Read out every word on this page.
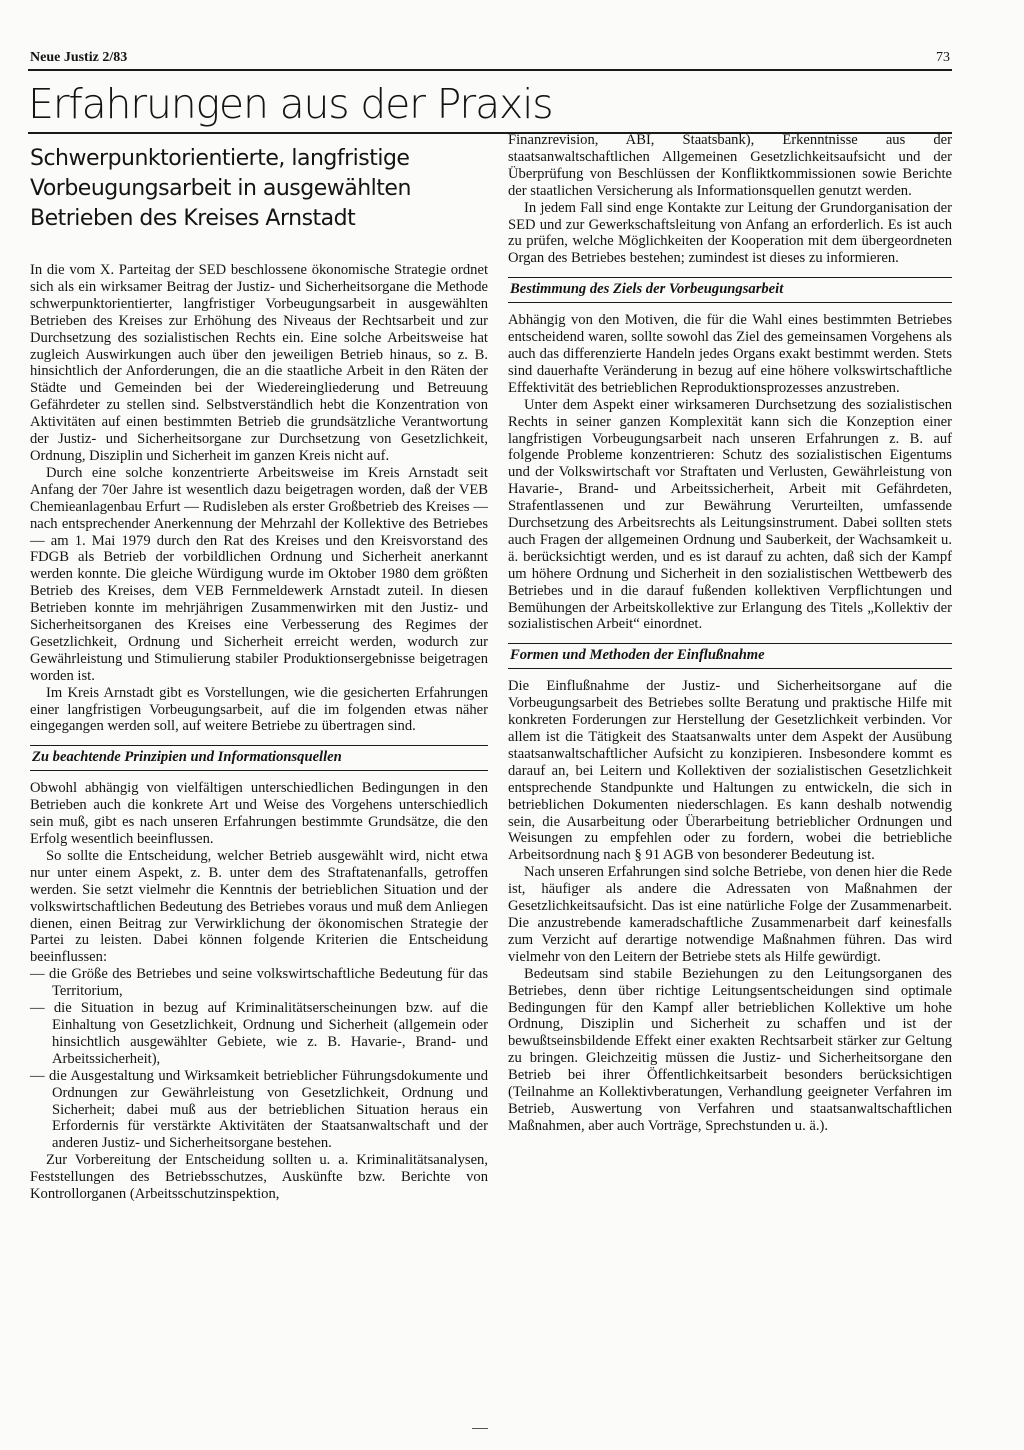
Neue Justiz 2/83	73
Erfahrungen aus der Praxis
Schwerpunktorientierte, langfristige Vorbeugungsarbeit in ausgewählten Betrieben des Kreises Arnstadt

In die vom X. Parteitag der SED beschlossene ökonomische Strategie ordnet sich als ein wirksamer Beitrag der Justiz- und Sicherheitsorgane die Methode schwerpunktorientierter, langfristiger Vorbeugungsarbeit in ausgewählten Betrieben des Kreises zur Erhöhung des Niveaus der Rechtsarbeit und zur Durchsetzung des sozialistischen Rechts ein. Eine solche Arbeitsweise hat zugleich Auswirkungen auch über den jeweiligen Betrieb hinaus, so z. B. hinsichtlich der Anforderungen, die an die staatliche Arbeit in den Räten der Städte und Gemeinden bei der Wiedereingliederung und Betreuung Gefährdeter zu stellen sind. Selbstverständlich hebt die Konzentration von Aktivitäten auf einen bestimmten Betrieb die grundsätzliche Verantwortung der Justiz- und Sicherheitsorgane zur Durchsetzung von Gesetzlichkeit, Ordnung, Disziplin und Sicherheit im ganzen Kreis nicht auf.

Durch eine solche konzentrierte Arbeitsweise im Kreis Arnstadt seit Anfang der 70er Jahre ist wesentlich dazu beigetragen worden, daß der VEB Chemieanlagenbau Erfurt — Rudisleben als erster Großbetrieb des Kreises — nach entsprechender Anerkennung der Mehrzahl der Kollektive des Betriebes — am 1. Mai 1979 durch den Rat des Kreises und den Kreisvorstand des FDGB als Betrieb der vorbildlichen Ordnung und Sicherheit anerkannt werden konnte. Die gleiche Würdigung wurde im Oktober 1980 dem größten Betrieb des Kreises, dem VEB Fernmeldewerk Arnstadt zuteil. In diesen Betrieben konnte im mehrjährigen Zusammenwirken mit den Justiz- und Sicherheitsorganen des Kreises eine Verbesserung des Regimes der Gesetzlichkeit, Ordnung und Sicherheit erreicht werden, wodurch zur Gewährleistung und Stimulierung stabiler Produktionsergebnisse beigetragen worden ist.

Im Kreis Arnstadt gibt es Vorstellungen, wie die gesicherten Erfahrungen einer langfristigen Vorbeugungsarbeit, auf die im folgenden etwas näher eingegangen werden soll, auf weitere Betriebe zu übertragen sind.

Zu beachtende Prinzipien und Informationsquellen

Obwohl abhängig von vielfältigen unterschiedlichen Bedingungen in den Betrieben auch die konkrete Art und Weise des Vorgehens unterschiedlich sein muß, gibt es nach unseren Erfahrungen bestimmte Grundsätze, die den Erfolg wesentlich beeinflussen.

So sollte die Entscheidung, welcher Betrieb ausgewählt wird, nicht etwa nur unter einem Aspekt, z. B. unter dem des Straftatenanfalls, getroffen werden. Sie setzt vielmehr die Kenntnis der betrieblichen Situation und der volkswirtschaftlichen Bedeutung des Betriebes voraus und muß dem Anliegen dienen, einen Beitrag zur Verwirklichung der ökonomischen Strategie der Partei zu leisten. Dabei können folgende Kriterien die Entscheidung beeinflussen:

— die Größe des Betriebes und seine volkswirtschaftliche Bedeutung für das Territorium,

— die Situation in bezug auf Kriminalitätserscheinungen bzw. auf die Einhaltung von Gesetzlichkeit, Ordnung und Sicherheit (allgemein oder hinsichtlich ausgewählter Gebiete, wie z. B. Havarie-, Brand- und Arbeitssicherheit),

— die Ausgestaltung und Wirksamkeit betrieblicher Führungsdokumente und Ordnungen zur Gewährleistung von Gesetzlichkeit, Ordnung und Sicherheit; dabei muß aus der betrieblichen Situation heraus ein Erfordernis für verstärkte Aktivitäten der Staatsanwaltschaft und der anderen Justiz- und Sicherheitsorgane bestehen.

Zur Vorbereitung der Entscheidung sollten u. a. Kriminalitätsanalysen, Feststellungen des Betriebsschutzes, Auskünfte bzw. Berichte von Kontrollorganen (Arbeitsschutzinspektion,

Finanzrevision, ABI, Staatsbank), Erkenntnisse aus der staatsanwaltschaftlichen Allgemeinen Gesetzlichkeitsaufsicht und der Überprüfung von Beschlüssen der Konfliktkommissionen sowie Berichte der staatlichen Versicherung als Informationsquellen genutzt werden.

In jedem Fall sind enge Kontakte zur Leitung der Grundorganisation der SED und zur Gewerkschaftsleitung von Anfang an erforderlich. Es ist auch zu prüfen, welche Möglichkeiten der Kooperation mit dem übergeordneten Organ des Betriebes bestehen; zumindest ist dieses zu informieren.

Bestimmung des Ziels der Vorbeugungsarbeit

Abhängig von den Motiven, die für die Wahl eines bestimmten Betriebes entscheidend waren, sollte sowohl das Ziel des gemeinsamen Vorgehens als auch das differenzierte Handeln jedes Organs exakt bestimmt werden. Stets sind dauerhafte Veränderung in bezug auf eine höhere volkswirtschaftliche Effektivität des betrieblichen Reproduktionsprozesses anzustreben.

Unter dem Aspekt einer wirksameren Durchsetzung des sozialistischen Rechts in seiner ganzen Komplexität kann sich die Konzeption einer langfristigen Vorbeugungsarbeit nach unseren Erfahrungen z. B. auf folgende Probleme konzentrieren: Schutz des sozialistischen Eigentums und der Volkswirtschaft vor Straftaten und Verlusten, Gewährleistung von Havarie-, Brand- und Arbeitssicherheit, Arbeit mit Gefährdeten, Strafentlassenen und zur Bewährung Verurteilten, umfassende Durchsetzung des Arbeitsrechts als Leitungsinstrument. Dabei sollten stets auch Fragen der allgemeinen Ordnung und Sauberkeit, der Wachsamkeit u. ä. berücksichtigt werden, und es ist darauf zu achten, daß sich der Kampf um höhere Ordnung und Sicherheit in den sozialistischen Wettbewerb des Betriebes und in die darauf fußenden kollektiven Verpflichtungen und Bemühungen der Arbeitskollektive zur Erlangung des Titels „Kollektiv der sozialistischen Arbeit“ einordnet.

Formen und Methoden der Einflußnahme

Die Einflußnahme der Justiz- und Sicherheitsorgane auf die Vorbeugungsarbeit des Betriebes sollte Beratung und praktische Hilfe mit konkreten Forderungen zur Herstellung der Gesetzlichkeit verbinden. Vor allem ist die Tätigkeit des Staatsanwalts unter dem Aspekt der Ausübung staatsanwaltschaftlicher Aufsicht zu konzipieren. Insbesondere kommt es darauf an, bei Leitern und Kollektiven der sozialistischen Gesetzlichkeit entsprechende Standpunkte und Haltungen zu entwickeln, die sich in betrieblichen Dokumenten niederschlagen. Es kann deshalb notwendig sein, die Ausarbeitung oder Überarbeitung betrieblicher Ordnungen und Weisungen zu empfehlen oder zu fordern, wobei die betriebliche Arbeitsordnung nach § 91 AGB von besonderer Bedeutung ist.

Nach unseren Erfahrungen sind solche Betriebe, von denen hier die Rede ist, häufiger als andere die Adressaten von Maßnahmen der Gesetzlichkeitsaufsicht. Das ist eine natürliche Folge der Zusammenarbeit. Die anzustrebende kameradschaftliche Zusammenarbeit darf keinesfalls zum Verzicht auf derartige notwendige Maßnahmen führen. Das wird vielmehr von den Leitern der Betriebe stets als Hilfe gewürdigt.

Bedeutsam sind stabile Beziehungen zu den Leitungsorganen des Betriebes, denn über richtige Leitungsentscheidungen sind optimale Bedingungen für den Kampf aller betrieblichen Kollektive um hohe Ordnung, Disziplin und Sicherheit zu schaffen und ist der bewußtseinsbildende Effekt einer exakten Rechtsarbeit stärker zur Geltung zu bringen. Gleichzeitig müssen die Justiz- und Sicherheitsorgane den Betrieb bei ihrer Öffentlichkeitsarbeit besonders berücksichtigen (Teilnahme an Kollektivberatungen, Verhandlung geeigneter Verfahren im Betrieb, Auswertung von Verfahren und staatsanwaltschaftlichen Maßnahmen, aber auch Vorträge, Sprechstunden u. ä.).
